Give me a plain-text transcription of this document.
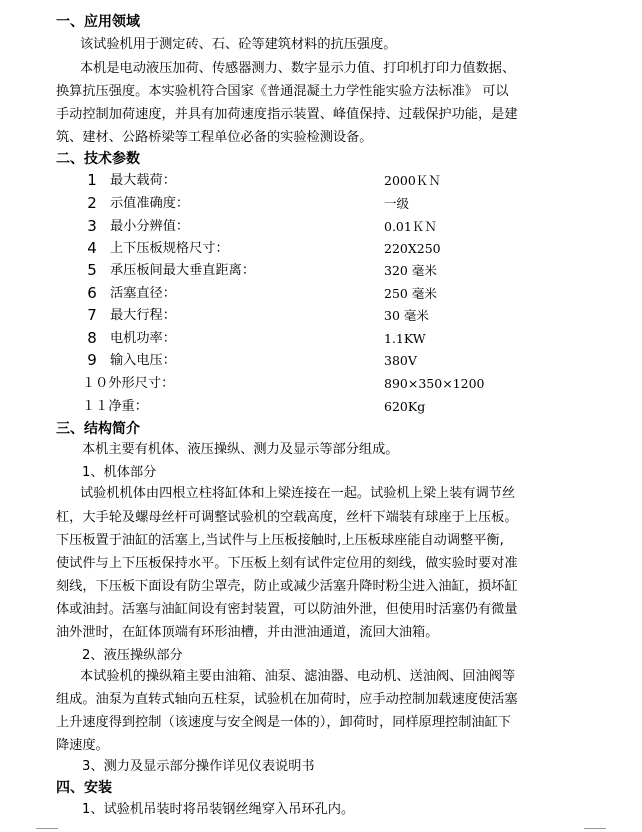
一、应用领域
该试验机用于测定砖、石、砼等建筑材料的抗压强度。
本机是电动液压加荷、传感器测力、数字显示力值、打印机打印力值数据、
换算抗压强度。本实验机符合国家《普通混凝土力学性能实验方法标准》 可以
手动控制加荷速度，并具有加荷速度指示装置、峰值保持、过载保护功能，是建
筑、建材、公路桥梁等工程单位必备的实验检测设备。
二、技术参数
1	最大载荷：	2000ＫＮ
2	示值准确度：	一级
3	最小分辨值：	0.01ＫＮ
4	上下压板规格尺寸：	220X250
5	承压板间最大垂直距离：	320 毫米
6	活塞直径：	250 毫米
7	最大行程：	30 毫米
8	电机功率：	1.1KW
9	输入电压：	380V
１０外形尺寸：	890×350×1200
１１净重：	620Kg
三、结构简介
本机主要有机体、液压操纵、测力及显示等部分组成。
1、机体部分
试验机机体由四根立柱将缸体和上梁连接在一起。试验机上梁上装有调节丝
杠，大手轮及螺母丝杆可调整试验机的空载高度，丝杆下端装有球座于上压板。
下压板置于油缸的活塞上,当试件与上压板接触时,上压板球座能自动调整平衡,
使试件与上下压板保持水平。下压板上刻有试件定位用的刻线，做实验时要对准
刻线，下压板下面设有防尘罩壳，防止或减少活塞升降时粉尘进入油缸，损坏缸
体或油封。活塞与油缸间设有密封装置，可以防油外泄，但使用时活塞仍有微量
油外泄时，在缸体顶端有环形油槽，并由泄油通道，流回大油箱。
2、液压操纵部分
本试验机的操纵箱主要由油箱、油泵、滤油器、电动机、送油阀、回油阀等
组成。油泵为直转式轴向五柱泵，试验机在加荷时，应手动控制加载速度使活塞
上升速度得到控制（该速度与安全阀是一体的），卸荷时，同样原理控制油缸下
降速度。
3、测力及显示部分操作详见仪表说明书
四、安装
1、试验机吊装时将吊装钢丝绳穿入吊环孔内。
